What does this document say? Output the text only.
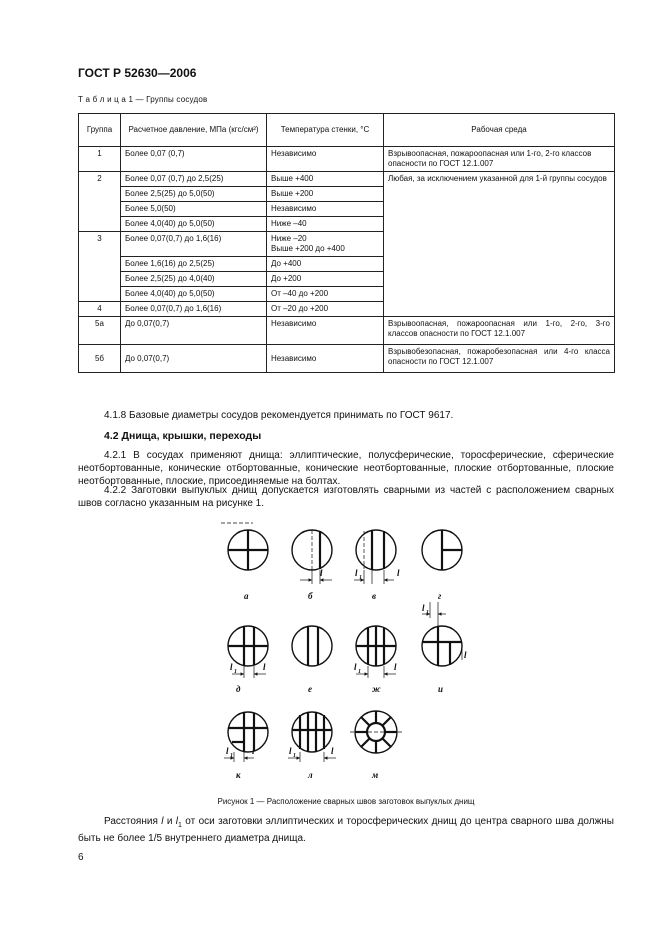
ГОСТ Р 52630—2006
Т а б л и ц а 1 — Группы сосудов
Группа	Расчетное давление, МПа (кгс/см²)	Температура стенки, °С	Рабочая среда
1	Более 0,07 (0,7)	Независимо	Взрывоопасная, пожароопасная или 1-го, 2-го классов опасности по ГОСТ 12.1.007
2	Более 0,07 (0,7) до 2,5(25)	Выше +400	Любая, за исключением указанной для 1-й группы сосудов
	Более 2,5(25) до 5,0(50)	Выше +200	
	Более 5,0(50)	Независимо	
	Более 4,0(40) до 5,0(50)	Ниже –40	
3	Более 0,07(0,7) до 1,6(16)	Ниже –20
Выше +200 до +400	

	Более 1,6(16) до 2,5(25)	До +400	
	Более 2,5(25) до 4,0(40)	До +200	
	Более 4,0(40) до 5,0(50)	От –40 до +200	
4	Более 0,07(0,7) до 1,6(16)	От –20 до +200	
5а	До 0,07(0,7)	Независимо	Взрывоопасная, пожароопасная или 1-го, 2-го, 3-го классов опасности по ГОСТ 12.1.007
5б	До 0,07(0,7)	Независимо	Взрывобезопасная, пожаробезопасная или 4-го класса опасности по ГОСТ 12.1.007
4.1.8 Базовые диаметры сосудов рекомендуется принимать по ГОСТ 9617.
4.2 Днища, крышки, переходы
4.2.1 В сосудах применяют днища: эллиптические, полусферические, торосферические, сферические неотбортованные, конические отбортованные, конические неотбортованные, плоские отбортованные, плоские неотбортованные, плоские, присоединяемые на болтах.
4.2.2 Заготовки выпуклых днищ допускается изготовлять сварными из частей с расположением сварных швов согласно указанным на рисунке 1.
а	б	в	г
д	е	ж	и
к	л	м
l	l 1	l
l 1
l 1	l	l 1	l
l
l 1 l	l 1	l
Рисунок 1 — Расположение сварных швов заготовок выпуклых днищ
Расстояния l и $l_1$ от оси заготовки эллиптических и торосферических днищ до центра сварного шва должны быть не более 1/5 внутреннего диаметра днища.
6
